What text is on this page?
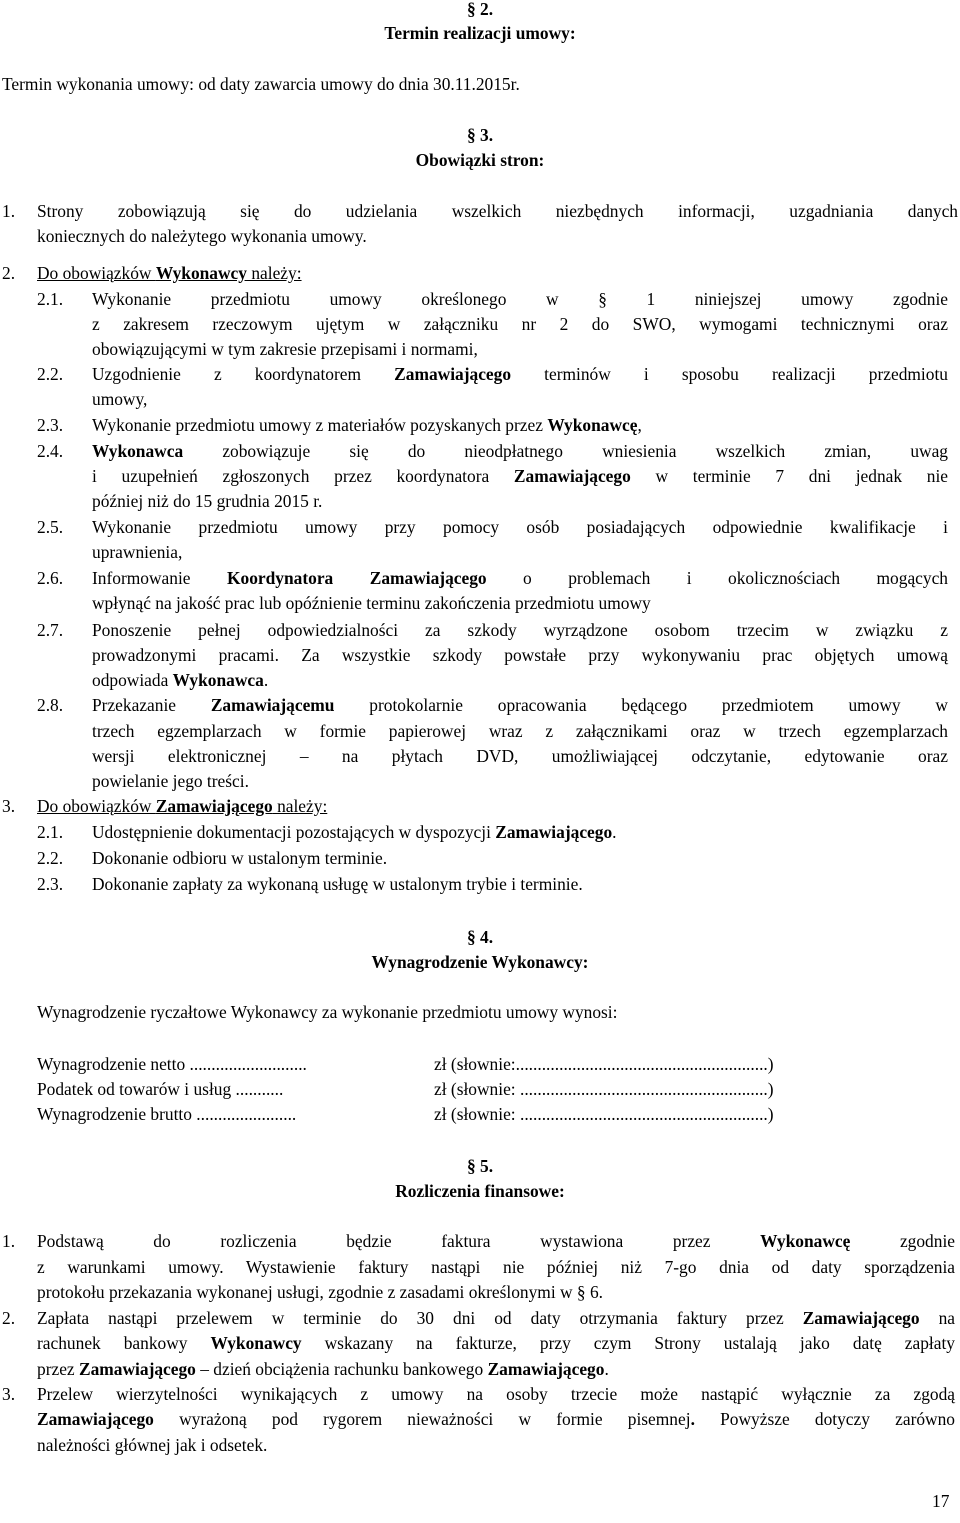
§ 2.
Termin realizacji umowy:
Termin wykonania umowy: od daty zawarcia umowy do dnia 30.11.2015r.
§ 3.
Obowiązki stron:
1. Strony zobowiązują się do udzielania wszelkich niezbędnych informacji, uzgadniania danych
koniecznych do należytego wykonania umowy.
2. Do obowiązków Wykonawcy należy:
2.1. Wykonanie przedmiotu umowy określonego w § 1 niniejszej umowy zgodnie
z zakresem rzeczowym ujętym w załączniku nr 2 do SWO, wymogami technicznymi oraz
obowiązującymi w tym zakresie przepisami i normami,
2.2. Uzgodnienie z koordynatorem Zamawiającego terminów i sposobu realizacji przedmiotu
umowy,
2.3. Wykonanie przedmiotu umowy z materiałów pozyskanych przez Wykonawcę,
2.4. Wykonawca zobowiązuje się do nieodpłatnego wniesienia wszelkich zmian, uwag
i uzupełnień zgłoszonych przez koordynatora Zamawiającego w terminie 7 dni jednak nie
później niż do 15 grudnia 2015 r.
2.5. Wykonanie przedmiotu umowy przy pomocy osób posiadających odpowiednie kwalifikacje i
uprawnienia,
2.6. Informowanie Koordynatora Zamawiającego o problemach i okolicznościach mogących
wpłynąć na jakość prac lub opóźnienie terminu zakończenia przedmiotu umowy
2.7. Ponoszenie pełnej odpowiedzialności za szkody wyrządzone osobom trzecim w związku z
prowadzonymi pracami. Za wszystkie szkody powstałe przy wykonywaniu prac objętych umową
odpowiada Wykonawca.
2.8. Przekazanie Zamawiającemu protokolarnie opracowania będącego przedmiotem umowy w
trzech egzemplarzach w formie papierowej wraz z załącznikami oraz w trzech egzemplarzach
wersji elektronicznej – na płytach DVD, umożliwiającej odczytanie, edytowanie oraz
powielanie jego treści.
3. Do obowiązków Zamawiającego należy:
2.1. Udostępnienie dokumentacji pozostających w dyspozycji Zamawiającego.
2.2. Dokonanie odbioru w ustalonym terminie.
2.3. Dokonanie zapłaty za wykonaną usługę w ustalonym trybie i terminie.
§ 4.
Wynagrodzenie Wykonawcy:
Wynagrodzenie ryczałtowe Wykonawcy za wykonanie przedmiotu umowy wynosi:
Wynagrodzenie netto ...........................	zł (słownie:..........................................................)
Podatek od towarów i usług ...........	zł (słownie: .........................................................)
Wynagrodzenie brutto .......................	zł (słownie: .........................................................)
§ 5.
Rozliczenia finansowe:
1. Podstawą do rozliczenia będzie faktura wystawiona przez Wykonawcę zgodnie
z warunkami umowy. Wystawienie faktury nastąpi nie później niż 7-go dnia od daty sporządzenia
protokołu przekazania wykonanej usługi, zgodnie z zasadami określonymi w § 6.
2. Zapłata nastąpi przelewem w terminie do 30 dni od daty otrzymania faktury przez Zamawiającego na
rachunek bankowy Wykonawcy wskazany na fakturze, przy czym Strony ustalają jako datę zapłaty
przez Zamawiającego – dzień obciążenia rachunku bankowego Zamawiającego.
3. Przelew wierzytelności wynikających z umowy na osoby trzecie może nastąpić wyłącznie za zgodą
Zamawiającego wyrażoną pod rygorem nieważności w formie pisemnej. Powyższe dotyczy zarówno
należności głównej jak i odsetek.
17
